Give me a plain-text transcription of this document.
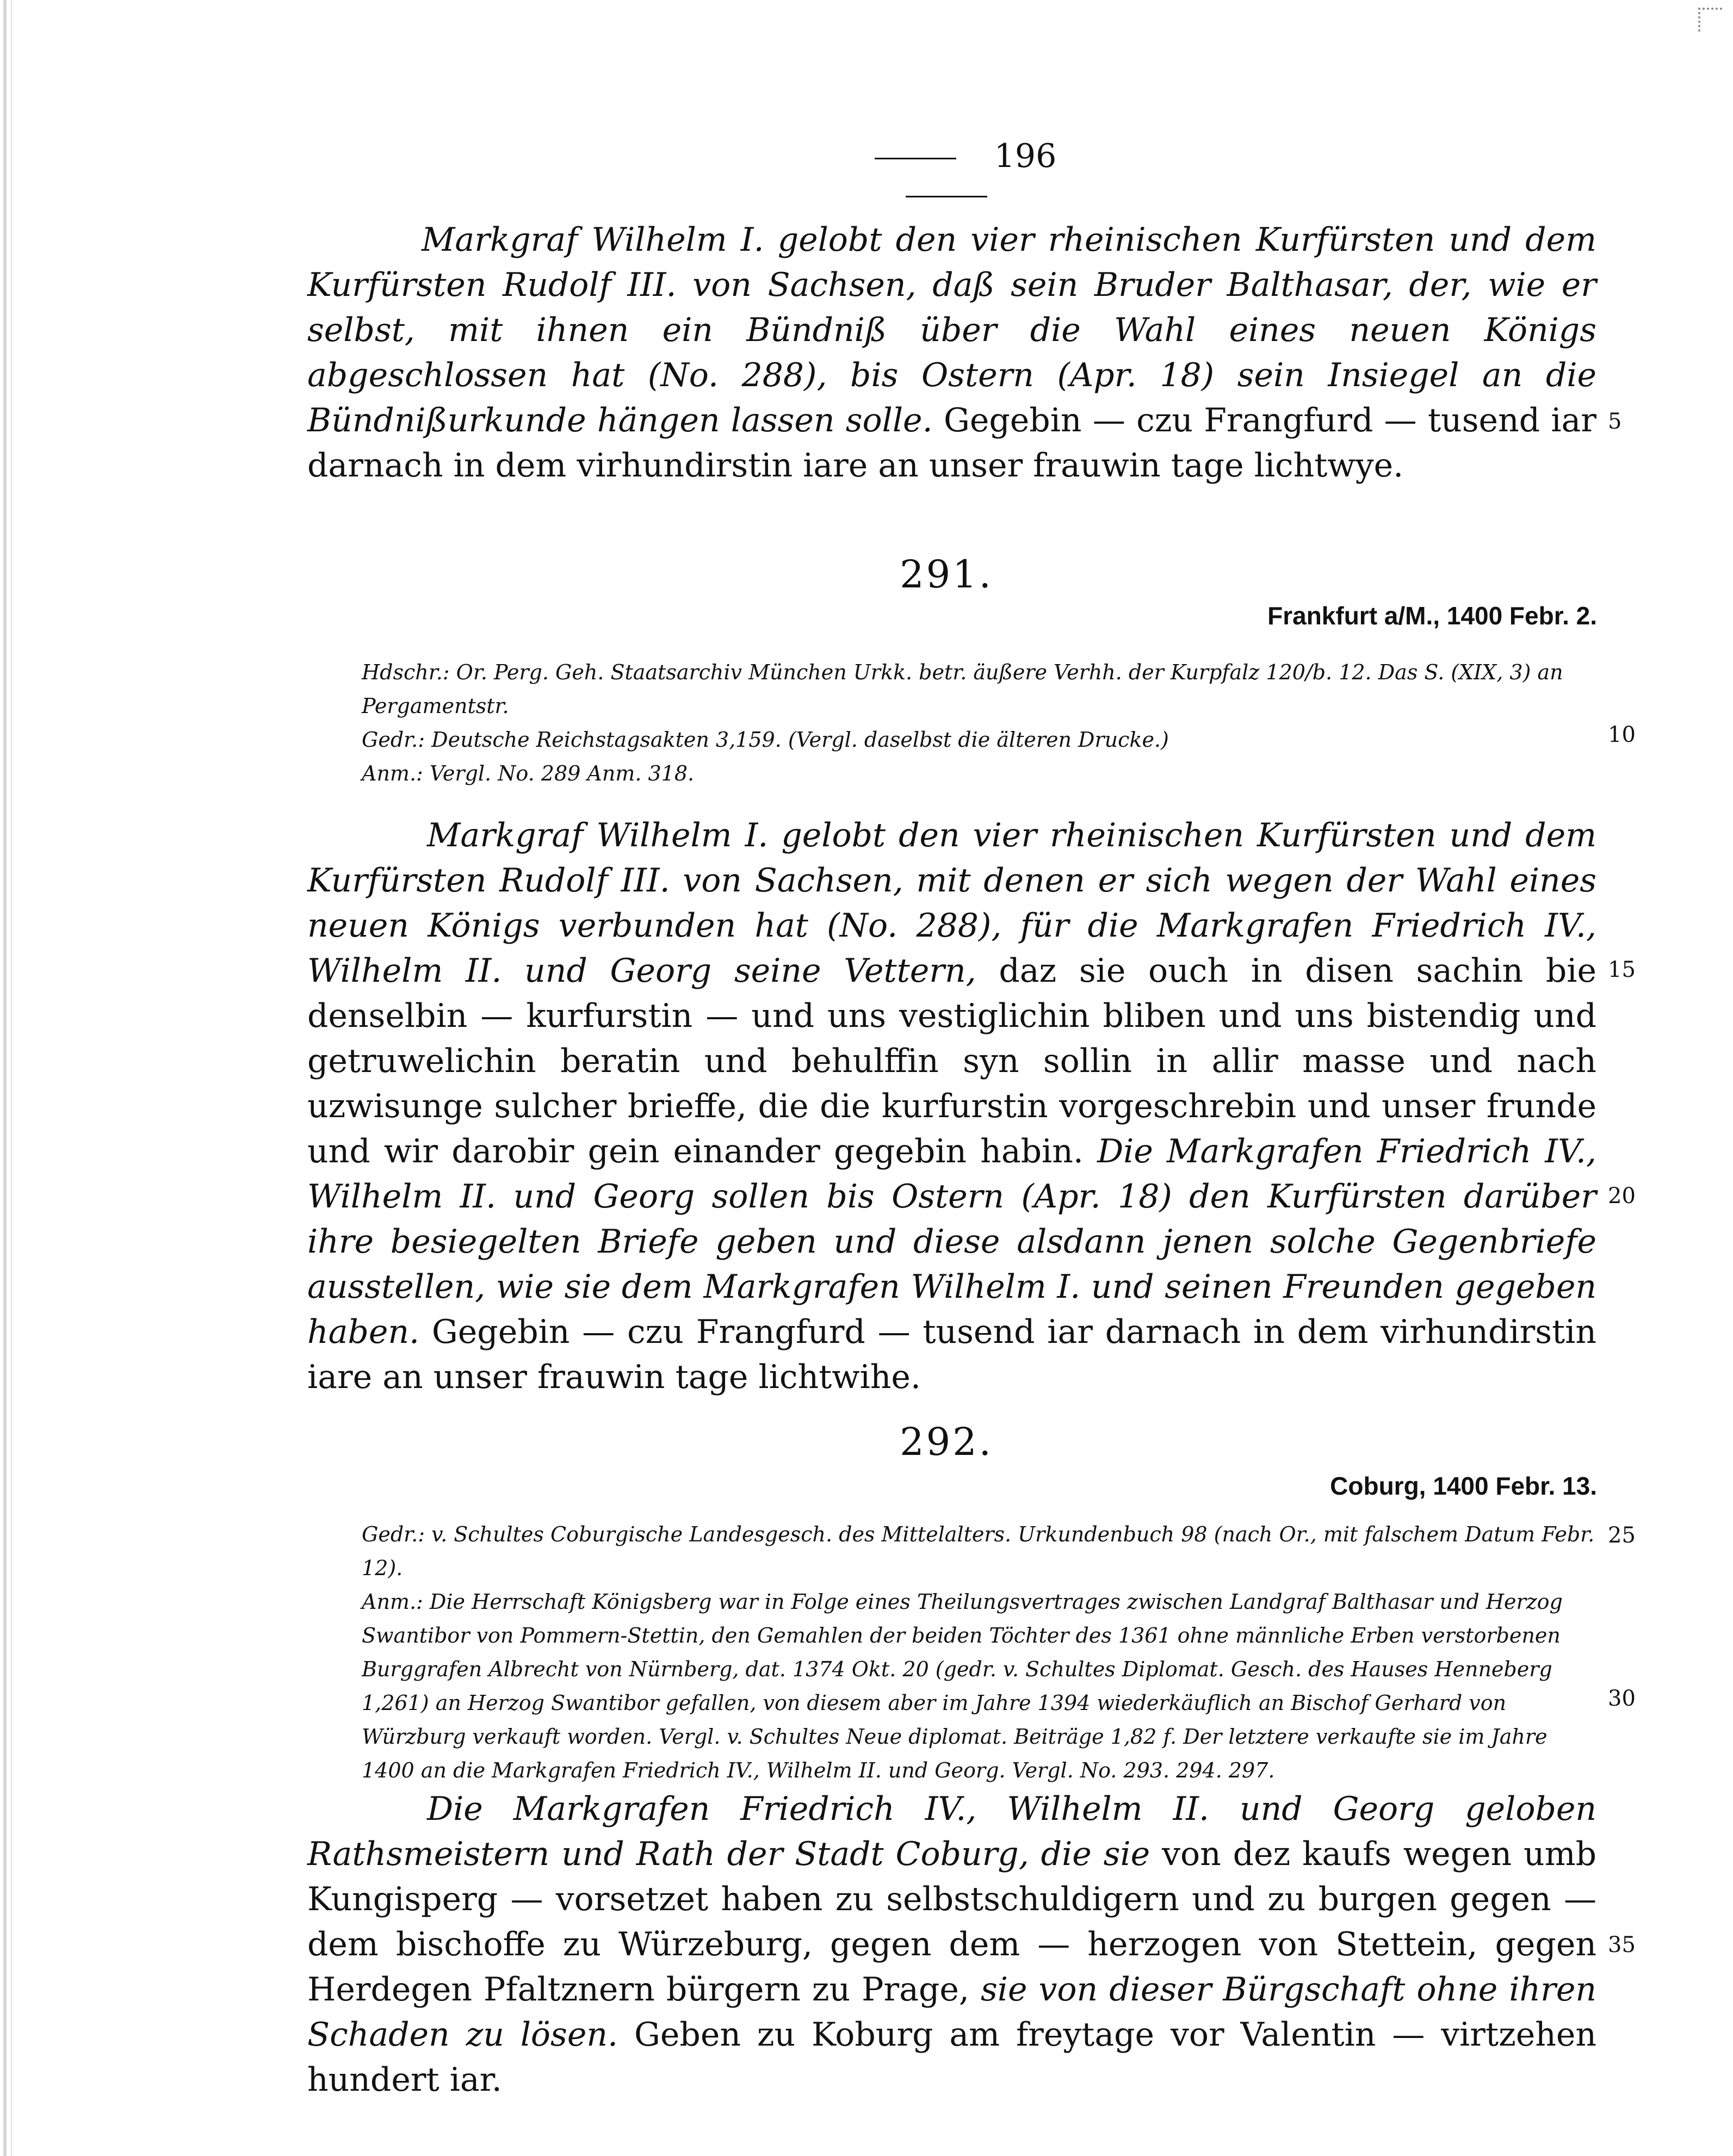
196
Markgraf Wilhelm I. gelobt den vier rheinischen Kurfürsten und dem Kurfürsten Rudolf III. von Sachsen, daß sein Bruder Balthasar, der, wie er selbst, mit ihnen ein Bündniß über die Wahl eines neuen Königs abgeschlossen hat (No. 288), bis Ostern (Apr. 18) sein Insiegel an die Bündnißurkunde hängen lassen solle. Gegebin — czu Frangfurd — tusend iar darnach in dem virhundirstin iare an unser frauwin tage lichtwye.
5
291.
Frankfurt a/M., 1400 Febr. 2.
Hdschr.: Or. Perg. Geh. Staatsarchiv München Urkk. betr. äußere Verhh. der Kurpfalz 120/b. 12. Das S. (XIX, 3) an Pergamentstr.
Gedr.: Deutsche Reichstagsakten 3,159. (Vergl. daselbst die älteren Drucke.)
Anm.: Vergl. No. 289 Anm. 318.
10
Markgraf Wilhelm I. gelobt den vier rheinischen Kurfürsten und dem Kurfürsten Rudolf III. von Sachsen, mit denen er sich wegen der Wahl eines neuen Königs verbunden hat (No. 288), für die Markgrafen Friedrich IV., Wilhelm II. und Georg seine Vettern, daz sie ouch in disen sachin bie denselbin — kurfurstin — und uns vestiglichin bliben und uns bistendig und getruwelichin beratin und behulffin syn sollin in allir masse und nach uzwisunge sulcher brieffe, die die kurfurstin vorgeschrebin und unser frunde und wir darobir gein einander gegebin habin. Die Markgrafen Friedrich IV., Wilhelm II. und Georg sollen bis Ostern (Apr. 18) den Kurfürsten darüber ihre besiegelten Briefe geben und diese alsdann jenen solche Gegenbriefe ausstellen, wie sie dem Markgrafen Wilhelm I. und seinen Freunden gegeben haben. Gegebin — czu Frangfurd — tusend iar darnach in dem virhundirstin iare an unser frauwin tage lichtwihe.
15
20
292.
Coburg, 1400 Febr. 13.
Gedr.: v. Schultes Coburgische Landesgesch. des Mittelalters. Urkundenbuch 98 (nach Or., mit falschem Datum Febr. 12).
Anm.: Die Herrschaft Königsberg war in Folge eines Theilungsvertrages zwischen Landgraf Balthasar und Herzog Swantibor von Pommern-Stettin, den Gemahlen der beiden Töchter des 1361 ohne männliche Erben verstorbenen Burggrafen Albrecht von Nürnberg, dat. 1374 Okt. 20 (gedr. v. Schultes Diplomat. Gesch. des Hauses Henneberg 1,261) an Herzog Swantibor gefallen, von diesem aber im Jahre 1394 wiederkäuflich an Bischof Gerhard von Würzburg verkauft worden. Vergl. v. Schultes Neue diplomat. Beiträge 1,82 f. Der letztere verkaufte sie im Jahre 1400 an die Markgrafen Friedrich IV., Wilhelm II. und Georg. Vergl. No. 293. 294. 297.
25
30
Die Markgrafen Friedrich IV., Wilhelm II. und Georg geloben Rathsmeistern und Rath der Stadt Coburg, die sie von dez kaufs wegen umb Kungisperg — vorsetzet haben zu selbstschuldigern und zu burgen gegen — dem bischoffe zu Würzeburg, gegen dem — herzogen von Stettein, gegen Herdegen Pfaltznern bürgern zu Prage, sie von dieser Bürgschaft ohne ihren Schaden zu lösen. Geben zu Koburg am freytage vor Valentin — virtzehen hundert iar.
35
